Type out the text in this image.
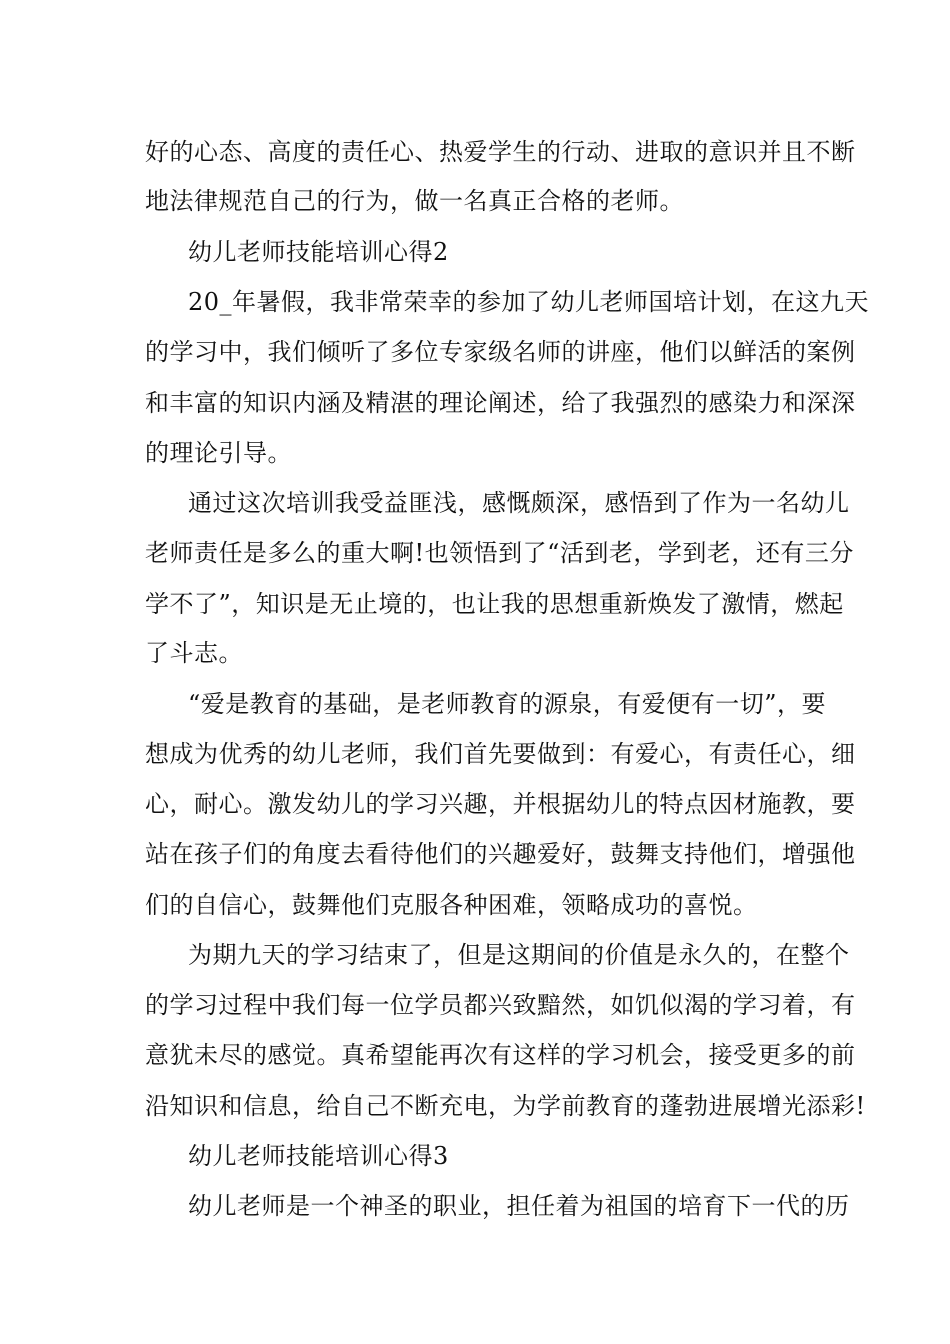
好的心态、高度的责任心、热爱学生的行动、进取的意识并且不断
地法律规范自己的行为，做一名真正合格的老师。
幼儿老师技能培训心得2
20_年暑假，我非常荣幸的参加了幼儿老师国培计划，在这九天
的学习中，我们倾听了多位专家级名师的讲座，他们以鲜活的案例
和丰富的知识内涵及精湛的理论阐述，给了我强烈的感染力和深深
的理论引导。
通过这次培训我受益匪浅，感慨颇深，感悟到了作为一名幼儿
老师责任是多么的重大啊!也领悟到了“活到老，学到老，还有三分
学不了”，知识是无止境的，也让我的思想重新焕发了激情，燃起
了斗志。
“爱是教育的基础，是老师教育的源泉，有爱便有一切”，要
想成为优秀的幼儿老师，我们首先要做到：有爱心，有责任心，细
心，耐心。激发幼儿的学习兴趣，并根据幼儿的特点因材施教，要
站在孩子们的角度去看待他们的兴趣爱好，鼓舞支持他们，增强他
们的自信心，鼓舞他们克服各种困难，领略成功的喜悦。
为期九天的学习结束了，但是这期间的价值是永久的，在整个
的学习过程中我们每一位学员都兴致黯然，如饥似渴的学习着，有
意犹未尽的感觉。真希望能再次有这样的学习机会，接受更多的前
沿知识和信息，给自己不断充电，为学前教育的蓬勃进展增光添彩!
幼儿老师技能培训心得3
幼儿老师是一个神圣的职业，担任着为祖国的培育下一代的历
